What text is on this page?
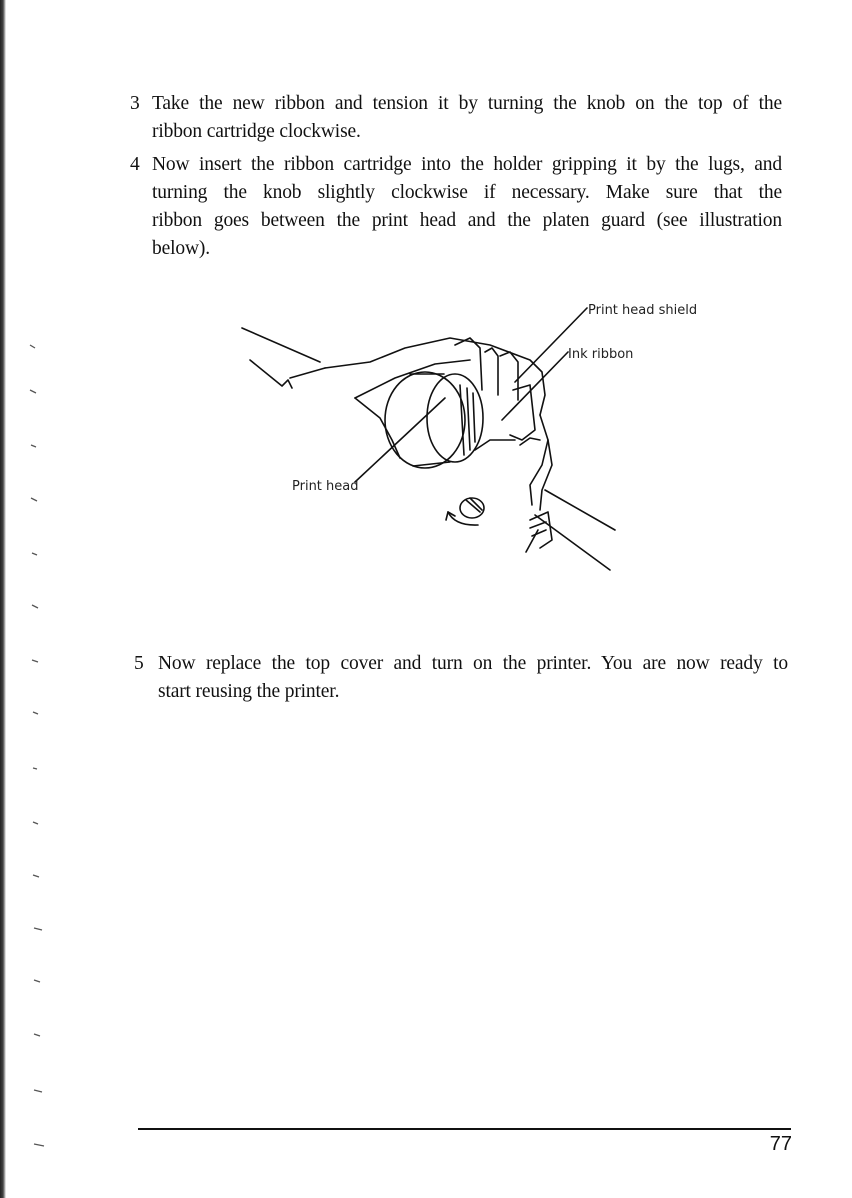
3 Take the new ribbon and tension it by turning the knob on the top of the
ribbon cartridge clockwise.
4 Now insert the ribbon cartridge into the holder gripping it by the lugs, and
turning the knob slightly clockwise if necessary. Make sure that the
ribbon goes between the print head and the platen guard (see illustration
below).
Print head shield
Ink ribbon
Print head
5 Now replace the top cover and turn on the printer. You are now ready to
start reusing the printer.
77
